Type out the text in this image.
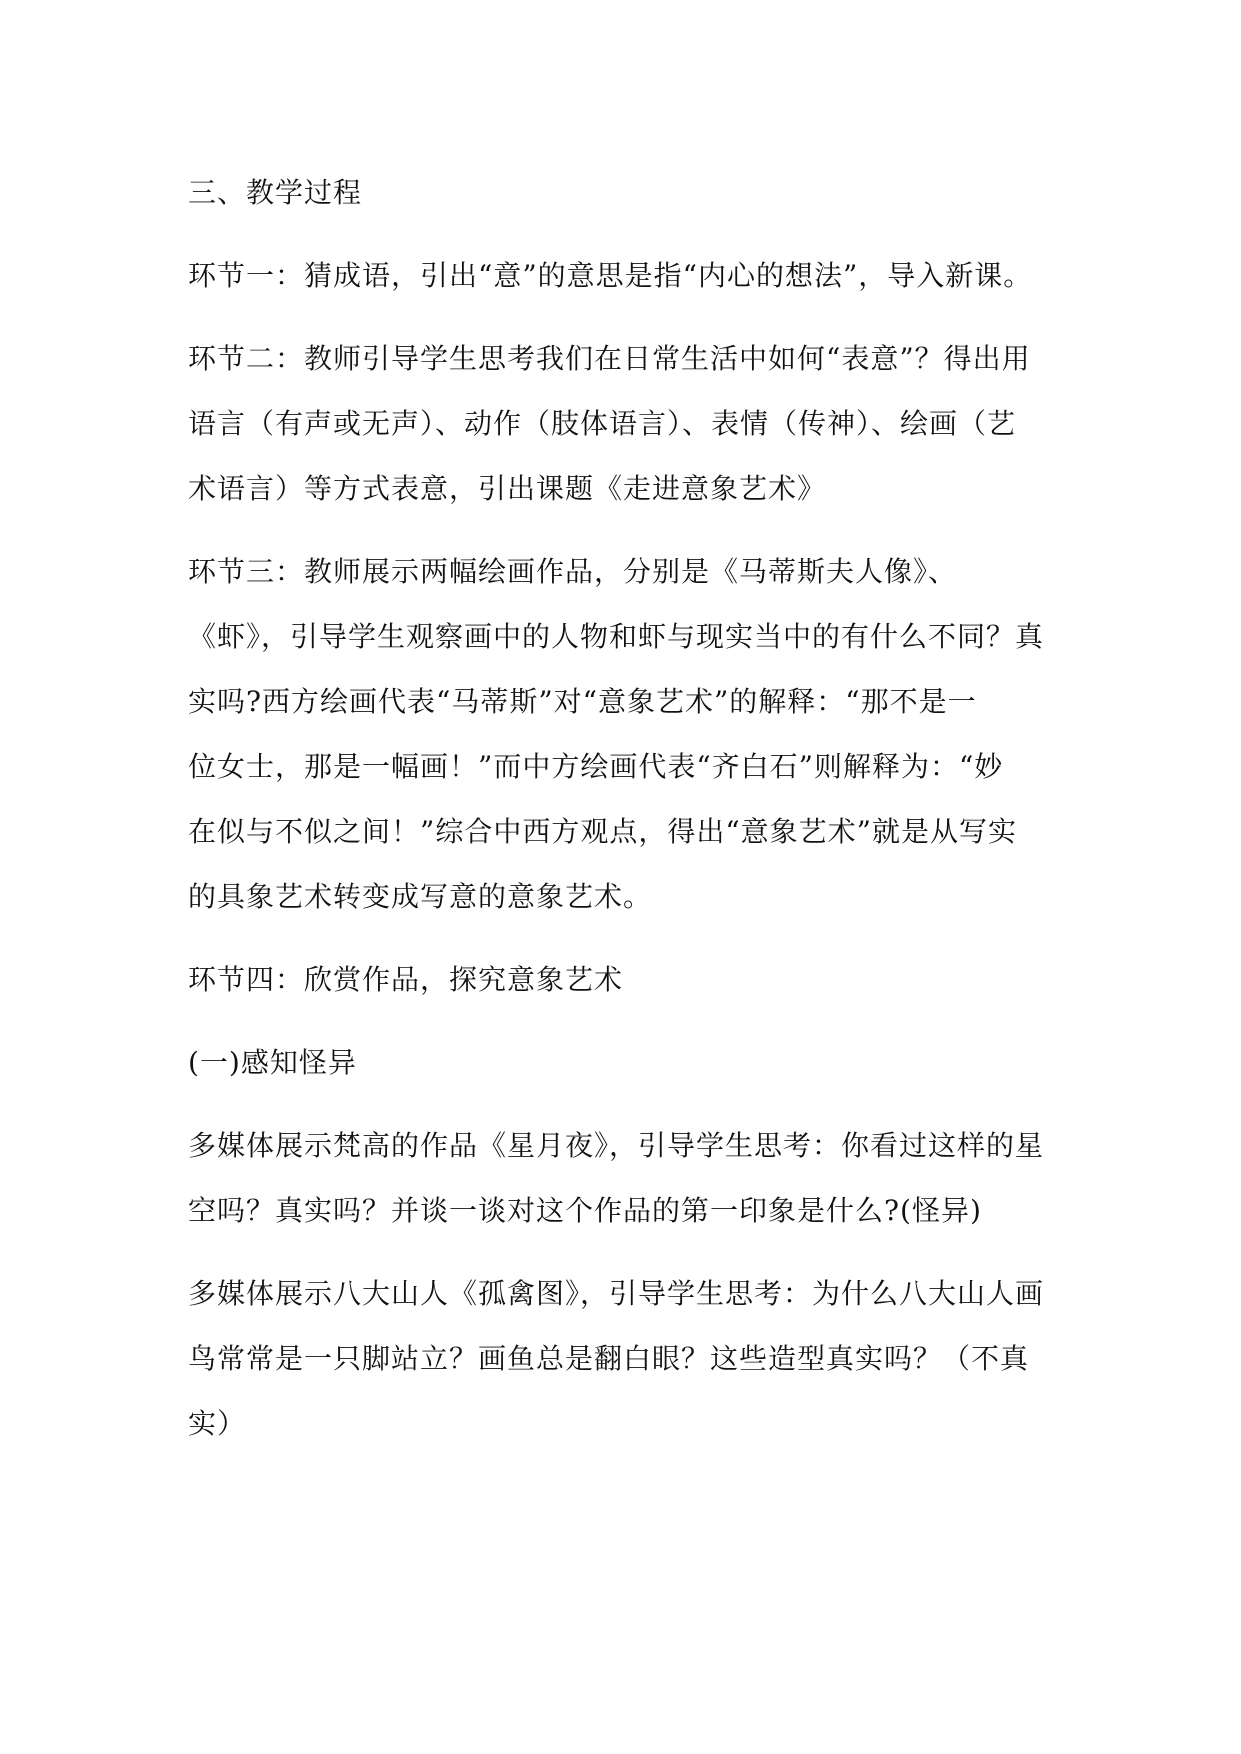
三、教学过程

环节一：猜成语，引出“意”的意思是指“内心的想法”，导入新课。

环节二：教师引导学生思考我们在日常生活中如何“表意”？得出用
语言（有声或无声）、动作（肢体语言）、表情（传神）、绘画（艺
术语言）等方式表意，引出课题《走进意象艺术》

环节三：教师展示两幅绘画作品，分别是《马蒂斯夫人像》、
《虾》，引导学生观察画中的人物和虾与现实当中的有什么不同？真
实吗?西方绘画代表“马蒂斯”对“意象艺术”的解释：“那不是一
位女士，那是一幅画！”而中方绘画代表“齐白石”则解释为：“妙
在似与不似之间！”综合中西方观点，得出“意象艺术”就是从写实
的具象艺术转变成写意的意象艺术。

环节四：欣赏作品，探究意象艺术

(一)感知怪异

多媒体展示梵高的作品《星月夜》，引导学生思考：你看过这样的星
空吗？真实吗？并谈一谈对这个作品的第一印象是什么?(怪异)

多媒体展示八大山人《孤禽图》，引导学生思考：为什么八大山人画
鸟常常是一只脚站立？画鱼总是翻白眼？这些造型真实吗？（不真
实）
